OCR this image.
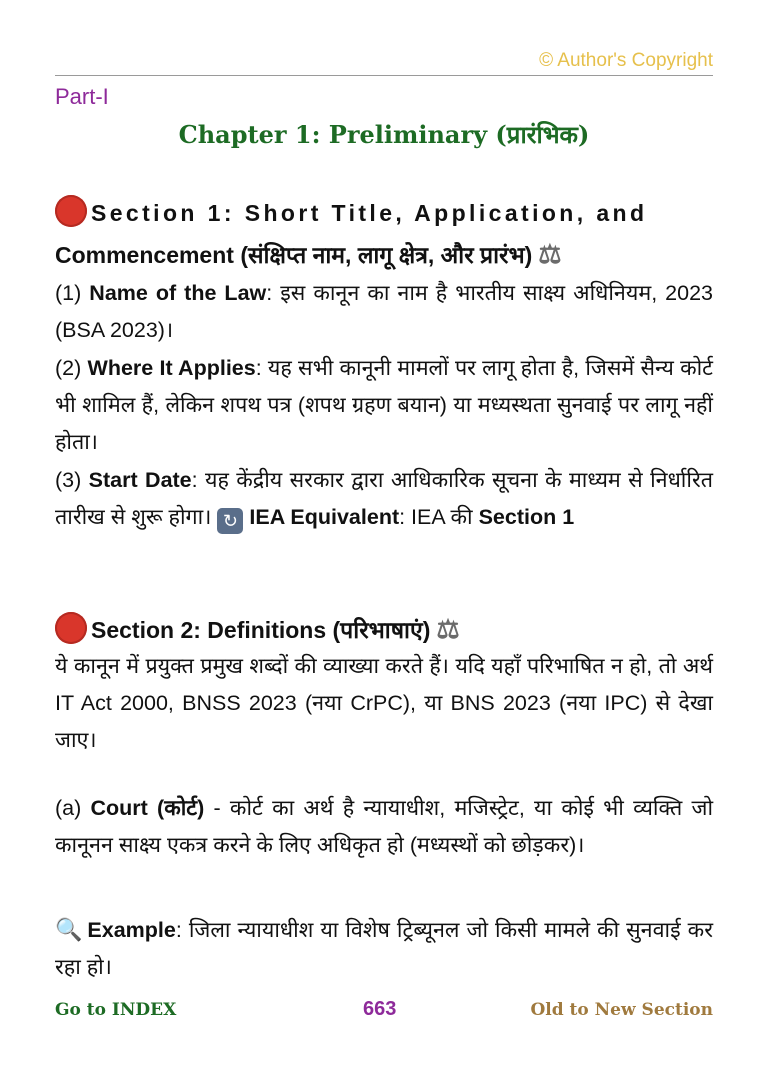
© Author's Copyright
Part-I
Chapter 1: Preliminary (प्रारंभिक)
Section 1: Short Title, Application, and
Commencement (संक्षिप्त नाम, लागू क्षेत्र, और प्रारंभ) ⚖
(1) Name of the Law: इस कानून का नाम है भारतीय साक्ष्य अधिनियम, 2023 (BSA 2023)।
(2) Where It Applies: यह सभी कानूनी मामलों पर लागू होता है, जिसमें सैन्य कोर्ट भी शामिल हैं, लेकिन शपथ पत्र (शपथ ग्रहण बयान) या मध्यस्थता सुनवाई पर लागू नहीं होता।
(3) Start Date: यह केंद्रीय सरकार द्वारा आधिकारिक सूचना के माध्यम से निर्धारित तारीख से शुरू होगा। ↻ IEA Equivalent: IEA की Section 1
Section 2: Definitions (परिभाषाएं) ⚖
ये कानून में प्रयुक्त प्रमुख शब्दों की व्याख्या करते हैं। यदि यहाँ परिभाषित न हो, तो अर्थ IT Act 2000, BNSS 2023 (नया CrPC), या BNS 2023 (नया IPC) से देखा जाए।
(a) Court (कोर्ट) - कोर्ट का अर्थ है न्यायाधीश, मजिस्ट्रेट, या कोई भी व्यक्ति जो कानूनन साक्ष्य एकत्र करने के लिए अधिकृत हो (मध्यस्थों को छोड़कर)।
🔍 Example: जिला न्यायाधीश या विशेष ट्रिब्यूनल जो किसी मामले की सुनवाई कर रहा हो।
Go to INDEX	663	Old to New Section
